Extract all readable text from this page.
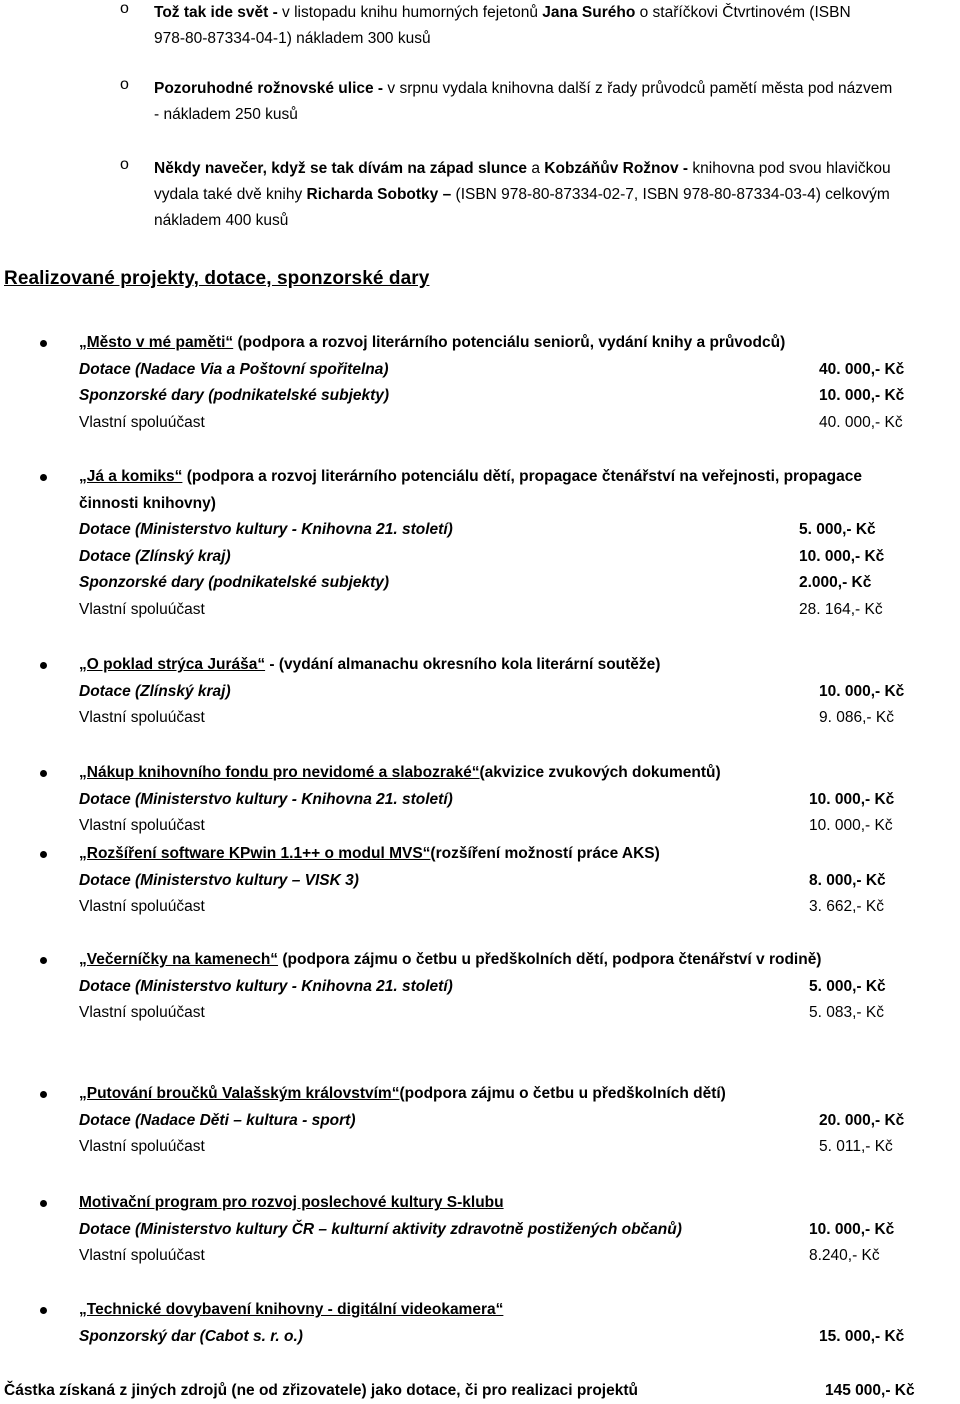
o Tož tak ide svět - v listopadu knihu humorných fejetonů Jana Surého o staříčkovi Čtvrtinovém (ISBN
978-80-87334-04-1) nákladem 300 kusů
o Pozoruhodné rožnovské ulice - v srpnu vydala knihovna další z řady průvodců pamětí města pod názvem
- nákladem 250 kusů
o Někdy navečer, když se tak dívám na západ slunce a Kobzáňův Rožnov - knihovna pod svou hlavičkou
vydala také dvě knihy Richarda Sobotky – (ISBN 978-80-87334-02-7, ISBN 978-80-87334-03-4) celkovým
nákladem 400 kusů
Realizované projekty, dotace, sponzorské dary
„Město v mé paměti“ (podpora a rozvoj literárního potenciálu seniorů, vydání knihy a průvodců)
Dotace (Nadace Via a Poštovní spořitelna)	40. 000,- Kč
Sponzorské dary (podnikatelské subjekty)	10. 000,- Kč
Vlastní spoluúčast	40. 000,- Kč
„Já a komiks“ (podpora a rozvoj literárního potenciálu dětí, propagace čtenářství na veřejnosti, propagace
činnosti knihovny)
Dotace (Ministerstvo kultury - Knihovna 21. století)	5. 000,- Kč
Dotace (Zlínský kraj)	10. 000,- Kč
Sponzorské dary (podnikatelské subjekty)	2.000,- Kč
Vlastní spoluúčast	28. 164,- Kč
„O poklad strýca Jurášа“ - (vydání almanachu okresního kola literární soutěže)
Dotace (Zlínský kraj)	10. 000,- Kč
Vlastní spoluúčast	9. 086,- Kč
„Nákup knihovního fondu pro nevidomé a slabozraké“(akvizice zvukových dokumentů)
Dotace (Ministerstvo kultury - Knihovna 21. století)	10. 000,- Kč
Vlastní spoluúčast	10. 000,- Kč
„Rozšíření software KPwin 1.1++ o modul MVS“(rozšíření možností práce AKS)
Dotace (Ministerstvo kultury – VISK 3)	8. 000,- Kč
Vlastní spoluúčast	3. 662,- Kč
„Večerníčky na kamenech“ (podpora zájmu o četbu u předškolních dětí, podpora čtenářství v rodině)
Dotace (Ministerstvo kultury - Knihovna 21. století)	5. 000,- Kč
Vlastní spoluúčast	5. 083,- Kč
„Putování broučků Valašským královstvím“(podpora zájmu o četbu u předškolních dětí)
Dotace (Nadace Děti – kultura - sport)	20. 000,- Kč
Vlastní spoluúčast	5. 011,- Kč
Motivační program pro rozvoj poslechové kultury S-klubu
Dotace (Ministerstvo kultury ČR – kulturní aktivity zdravotně postižených občanů)	10. 000,- Kč
Vlastní spoluúčast	8.240,- Kč
„Technické dovybavení knihovny - digitální videokamera“
Sponzorský dar (Cabot s. r. o.)	15. 000,- Kč
Částka získaná z jiných zdrojů (ne od zřizovatele) jako dotace, či pro realizaci projektů	145 000,- Kč
